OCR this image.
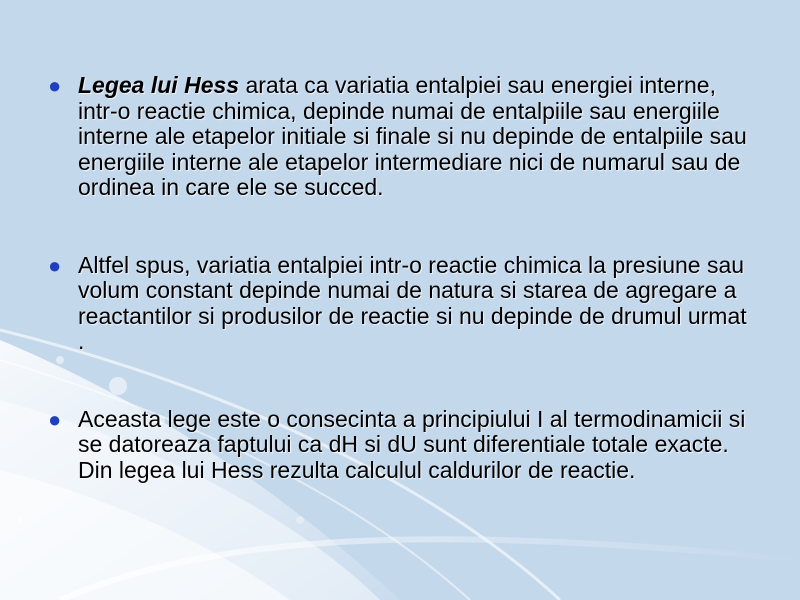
● Legea lui Hess arata ca variatia entalpiei sau energiei interne, intr-o reactie chimica, depinde numai de entalpiile sau energiile interne ale etapelor initiale si finale si nu depinde de entalpiile sau energiile interne ale etapelor intermediare nici de numarul sau de ordinea in care ele se succed.
● Altfel spus, variatia entalpiei intr-o reactie chimica la presiune sau volum constant depinde numai de natura si starea de agregare a reactantilor si produsilor de reactie si nu depinde de drumul urmat .
● Aceasta lege este o consecinta a principiului I al termodinamicii si se datoreaza faptului ca dH si dU sunt diferentiale totale exacte. Din legea lui Hess rezulta calculul caldurilor de reactie.
